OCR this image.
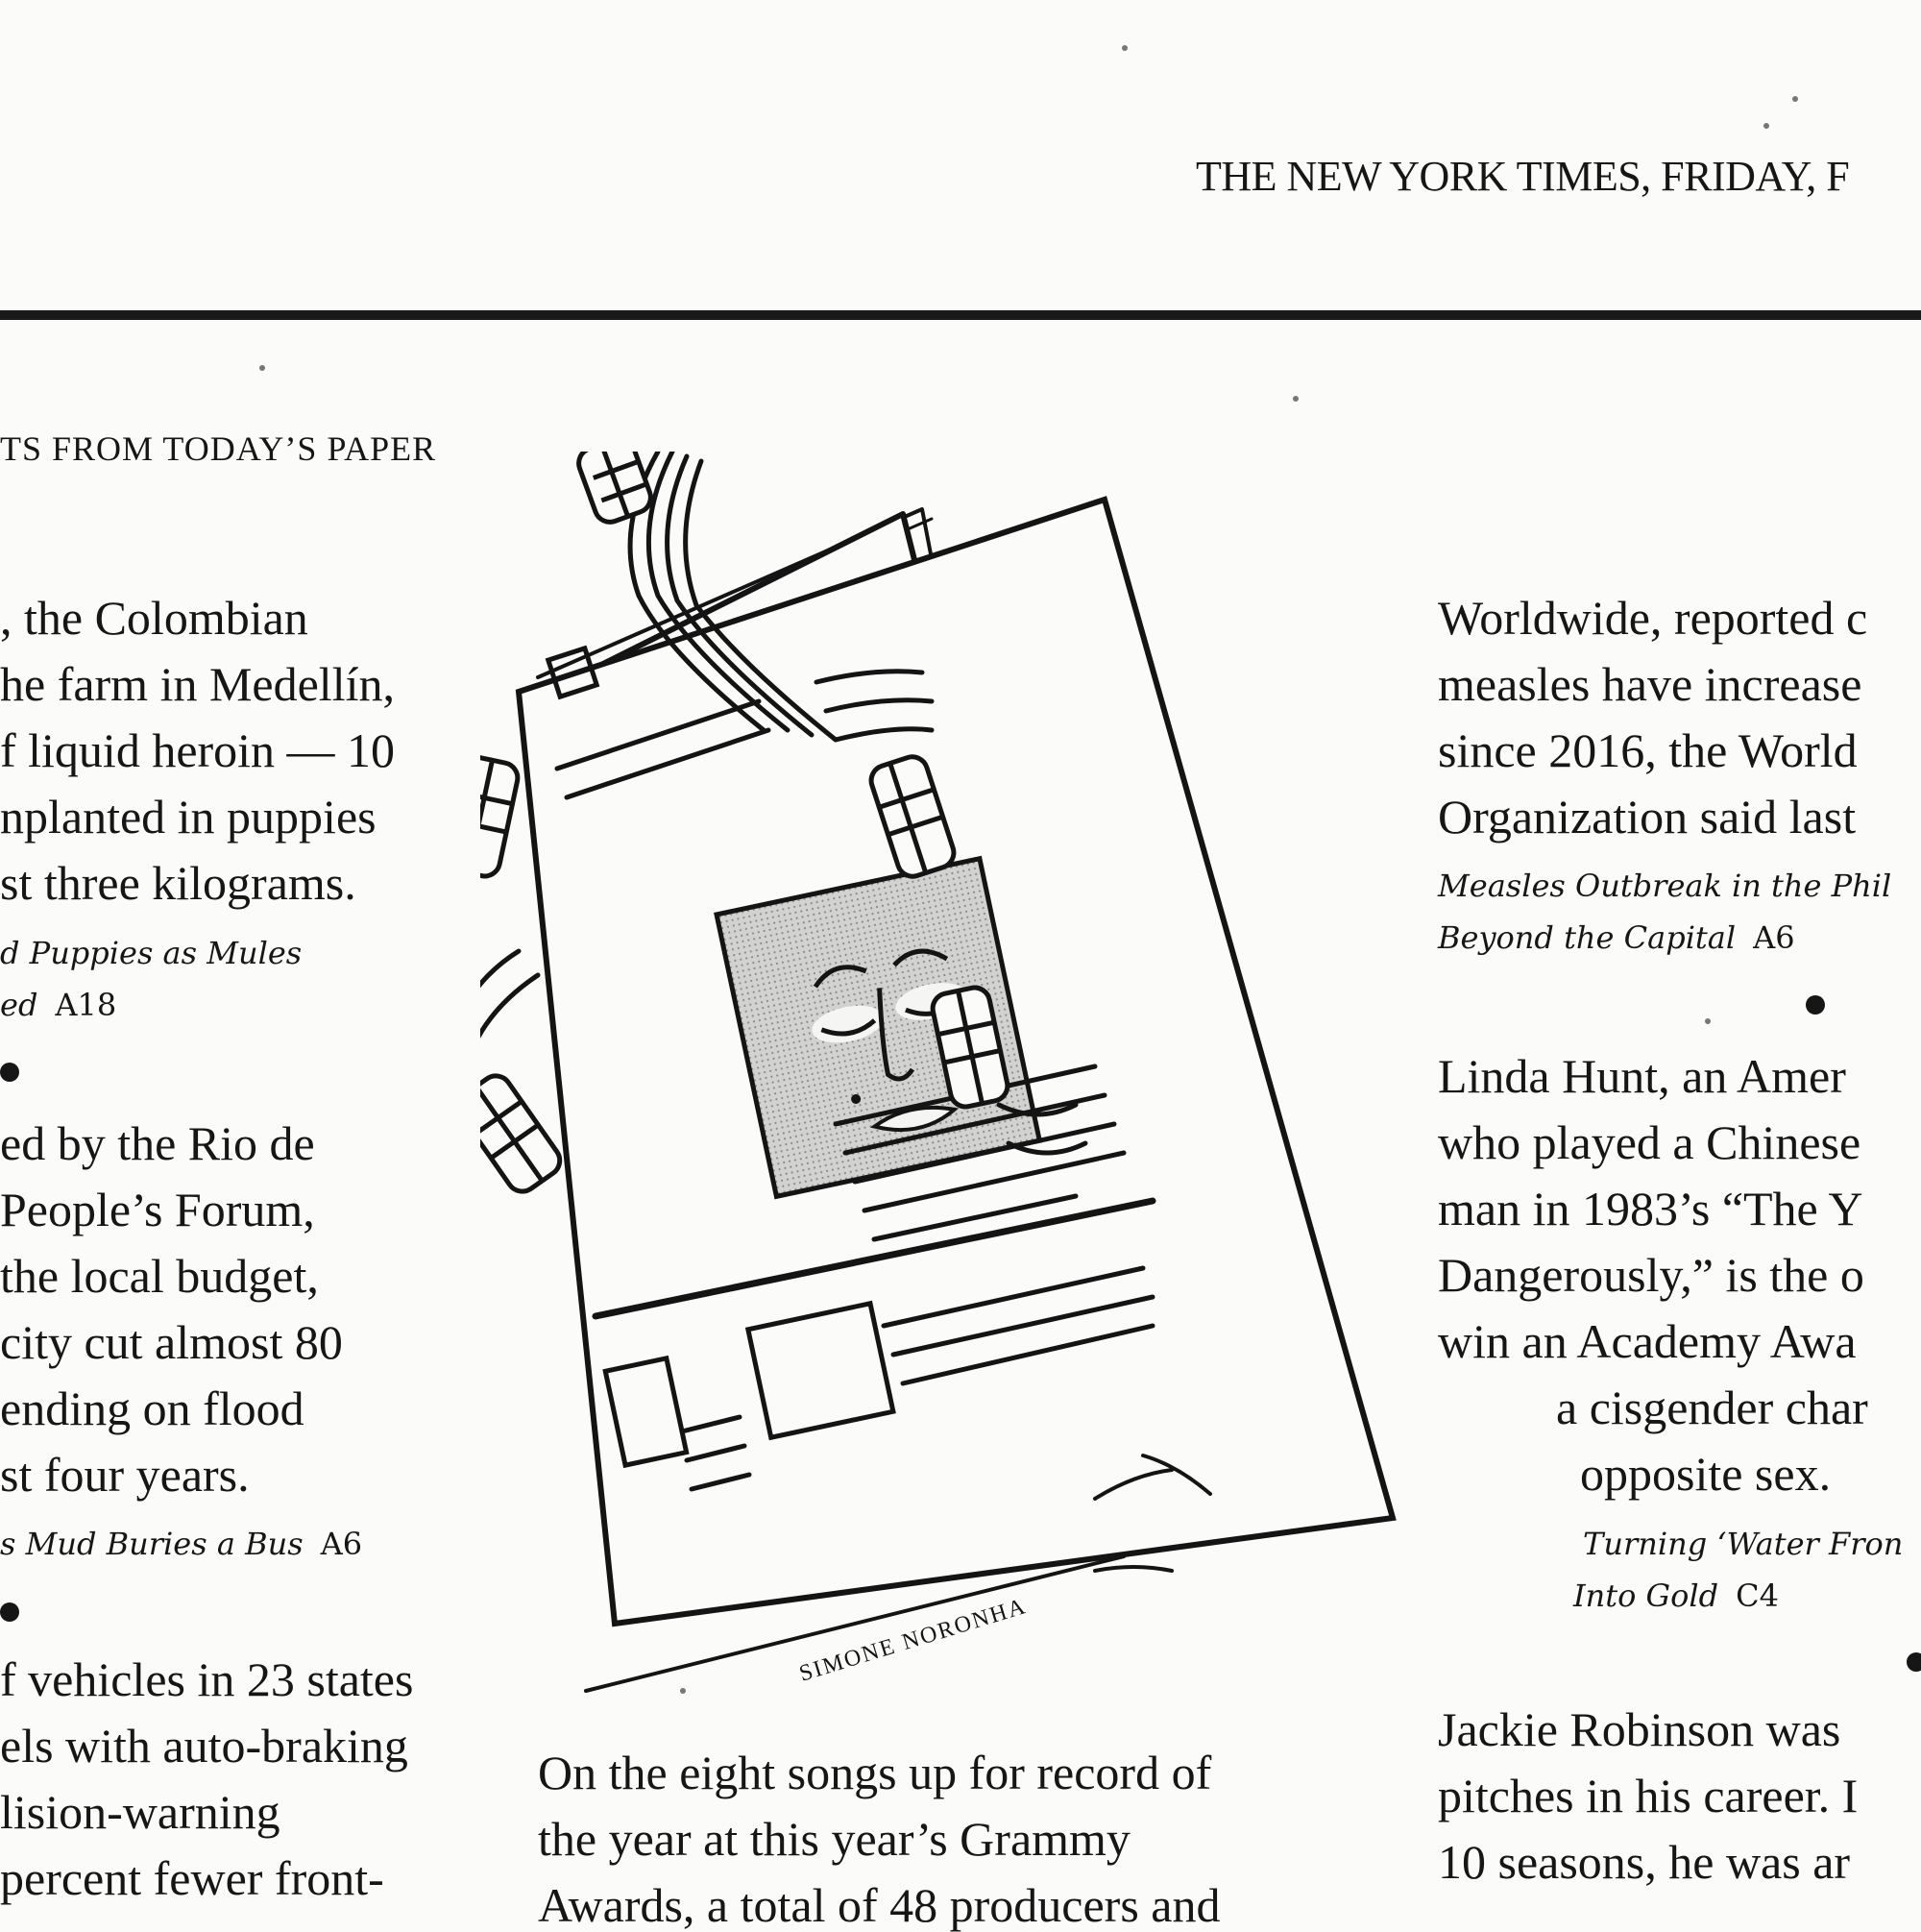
THE NEW YORK TIMES, FRIDAY, F
TS FROM TODAY’S PAPER
, the Colombian
he farm in Medellín,
f liquid heroin — 10
nplanted in puppies
st three kilograms.
d Puppies as Mules
ed A18
ed by the Rio de
People’s Forum,
the local budget,
city cut almost 80
ending on flood
st four years.
s Mud Buries a Bus A6
f vehicles in 23 states
els with auto-braking
lision-warning
percent fewer front-
SIMONE NORONHA
On the eight songs up for record of
the year at this year’s Grammy
Awards, a total of 48 producers and
Worldwide, reported c
measles have increase
since 2016, the World
Organization said last
Measles Outbreak in the Phil
Beyond the Capital A6
Linda Hunt, an Amer
who played a Chinese
man in 1983’s “The Y
Dangerously,” is the o
win an Academy Awa
a cisgender char
opposite sex.
Turning ‘Water Fron
Into Gold C4
Jackie Robinson was
pitches in his career. I
10 seasons, he was ar
